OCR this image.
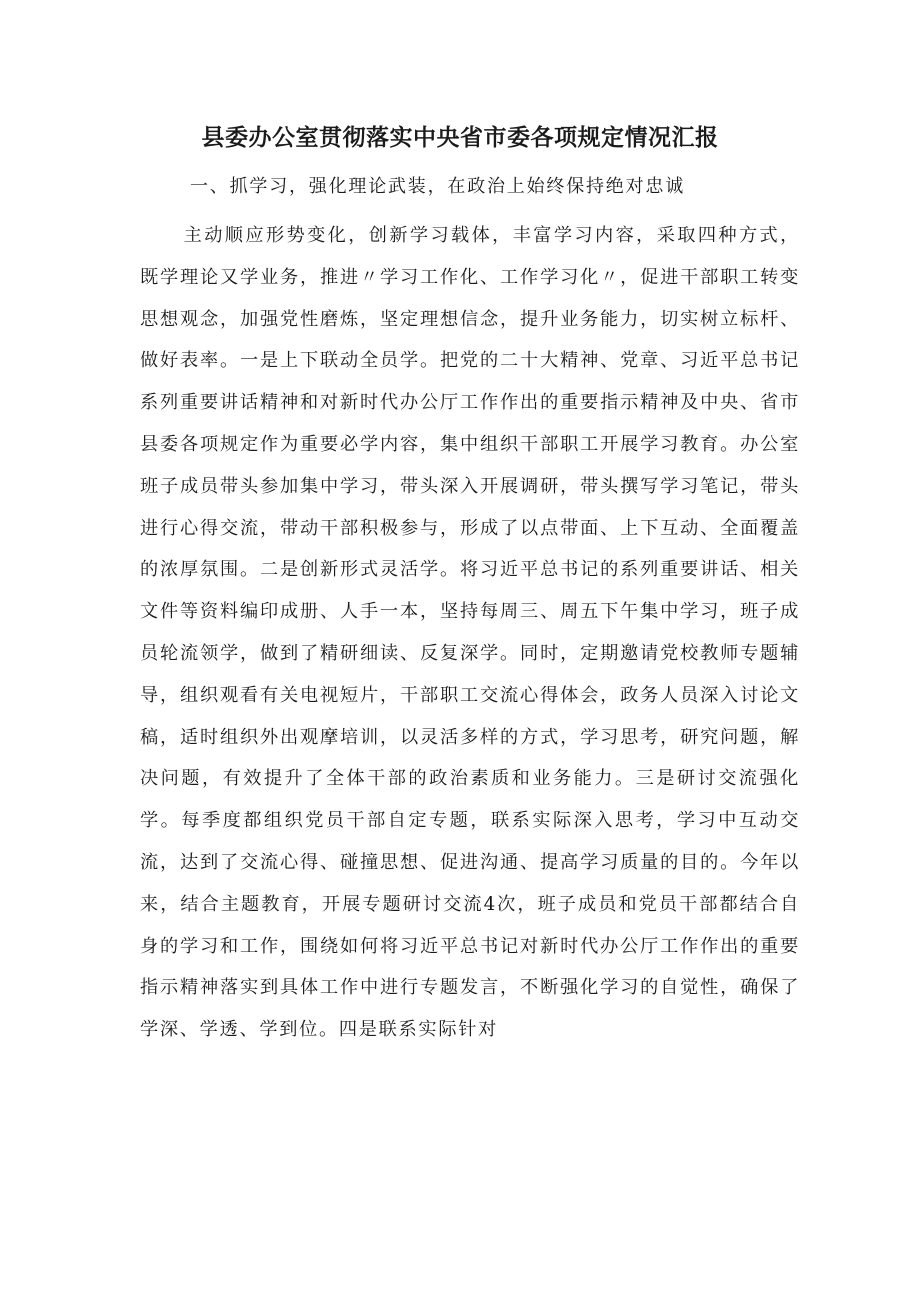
县委办公室贯彻落实中央省市委各项规定情况汇报

一、抓学习，强化理论武装，在政治上始终保持绝对忠诚

主动顺应形势变化，创新学习载体，丰富学习内容，采取四种方式，既学理论又学业务，推进〃学习工作化、工作学习化〃，促进干部职工转变思想观念，加强党性磨炼，坚定理想信念，提升业务能力，切实树立标杆、做好表率。一是上下联动全员学。把党的二十大精神、党章、习近平总书记系列重要讲话精神和对新时代办公厅工作作出的重要指示精神及中央、省市县委各项规定作为重要必学内容，集中组织干部职工开展学习教育。办公室班子成员带头参加集中学习，带头深入开展调研，带头撰写学习笔记，带头进行心得交流，带动干部积极参与，形成了以点带面、上下互动、全面覆盖的浓厚氛围。二是创新形式灵活学。将习近平总书记的系列重要讲话、相关文件等资料编印成册、人手一本，坚持每周三、周五下午集中学习，班子成员轮流领学，做到了精研细读、反复深学。同时，定期邀请党校教师专题辅导，组织观看有关电视短片，干部职工交流心得体会，政务人员深入讨论文稿，适时组织外出观摩培训，以灵活多样的方式，学习思考，研究问题，解决问题，有效提升了全体干部的政治素质和业务能力。三是研讨交流强化学。每季度都组织党员干部自定专题，联系实际深入思考，学习中互动交流，达到了交流心得、碰撞思想、促进沟通、提高学习质量的目的。今年以来，结合主题教育，开展专题研讨交流4次，班子成员和党员干部都结合自身的学习和工作，围绕如何将习近平总书记对新时代办公厅工作作出的重要指示精神落实到具体工作中进行专题发言，不断强化学习的自觉性，确保了学深、学透、学到位。四是联系实际针对
